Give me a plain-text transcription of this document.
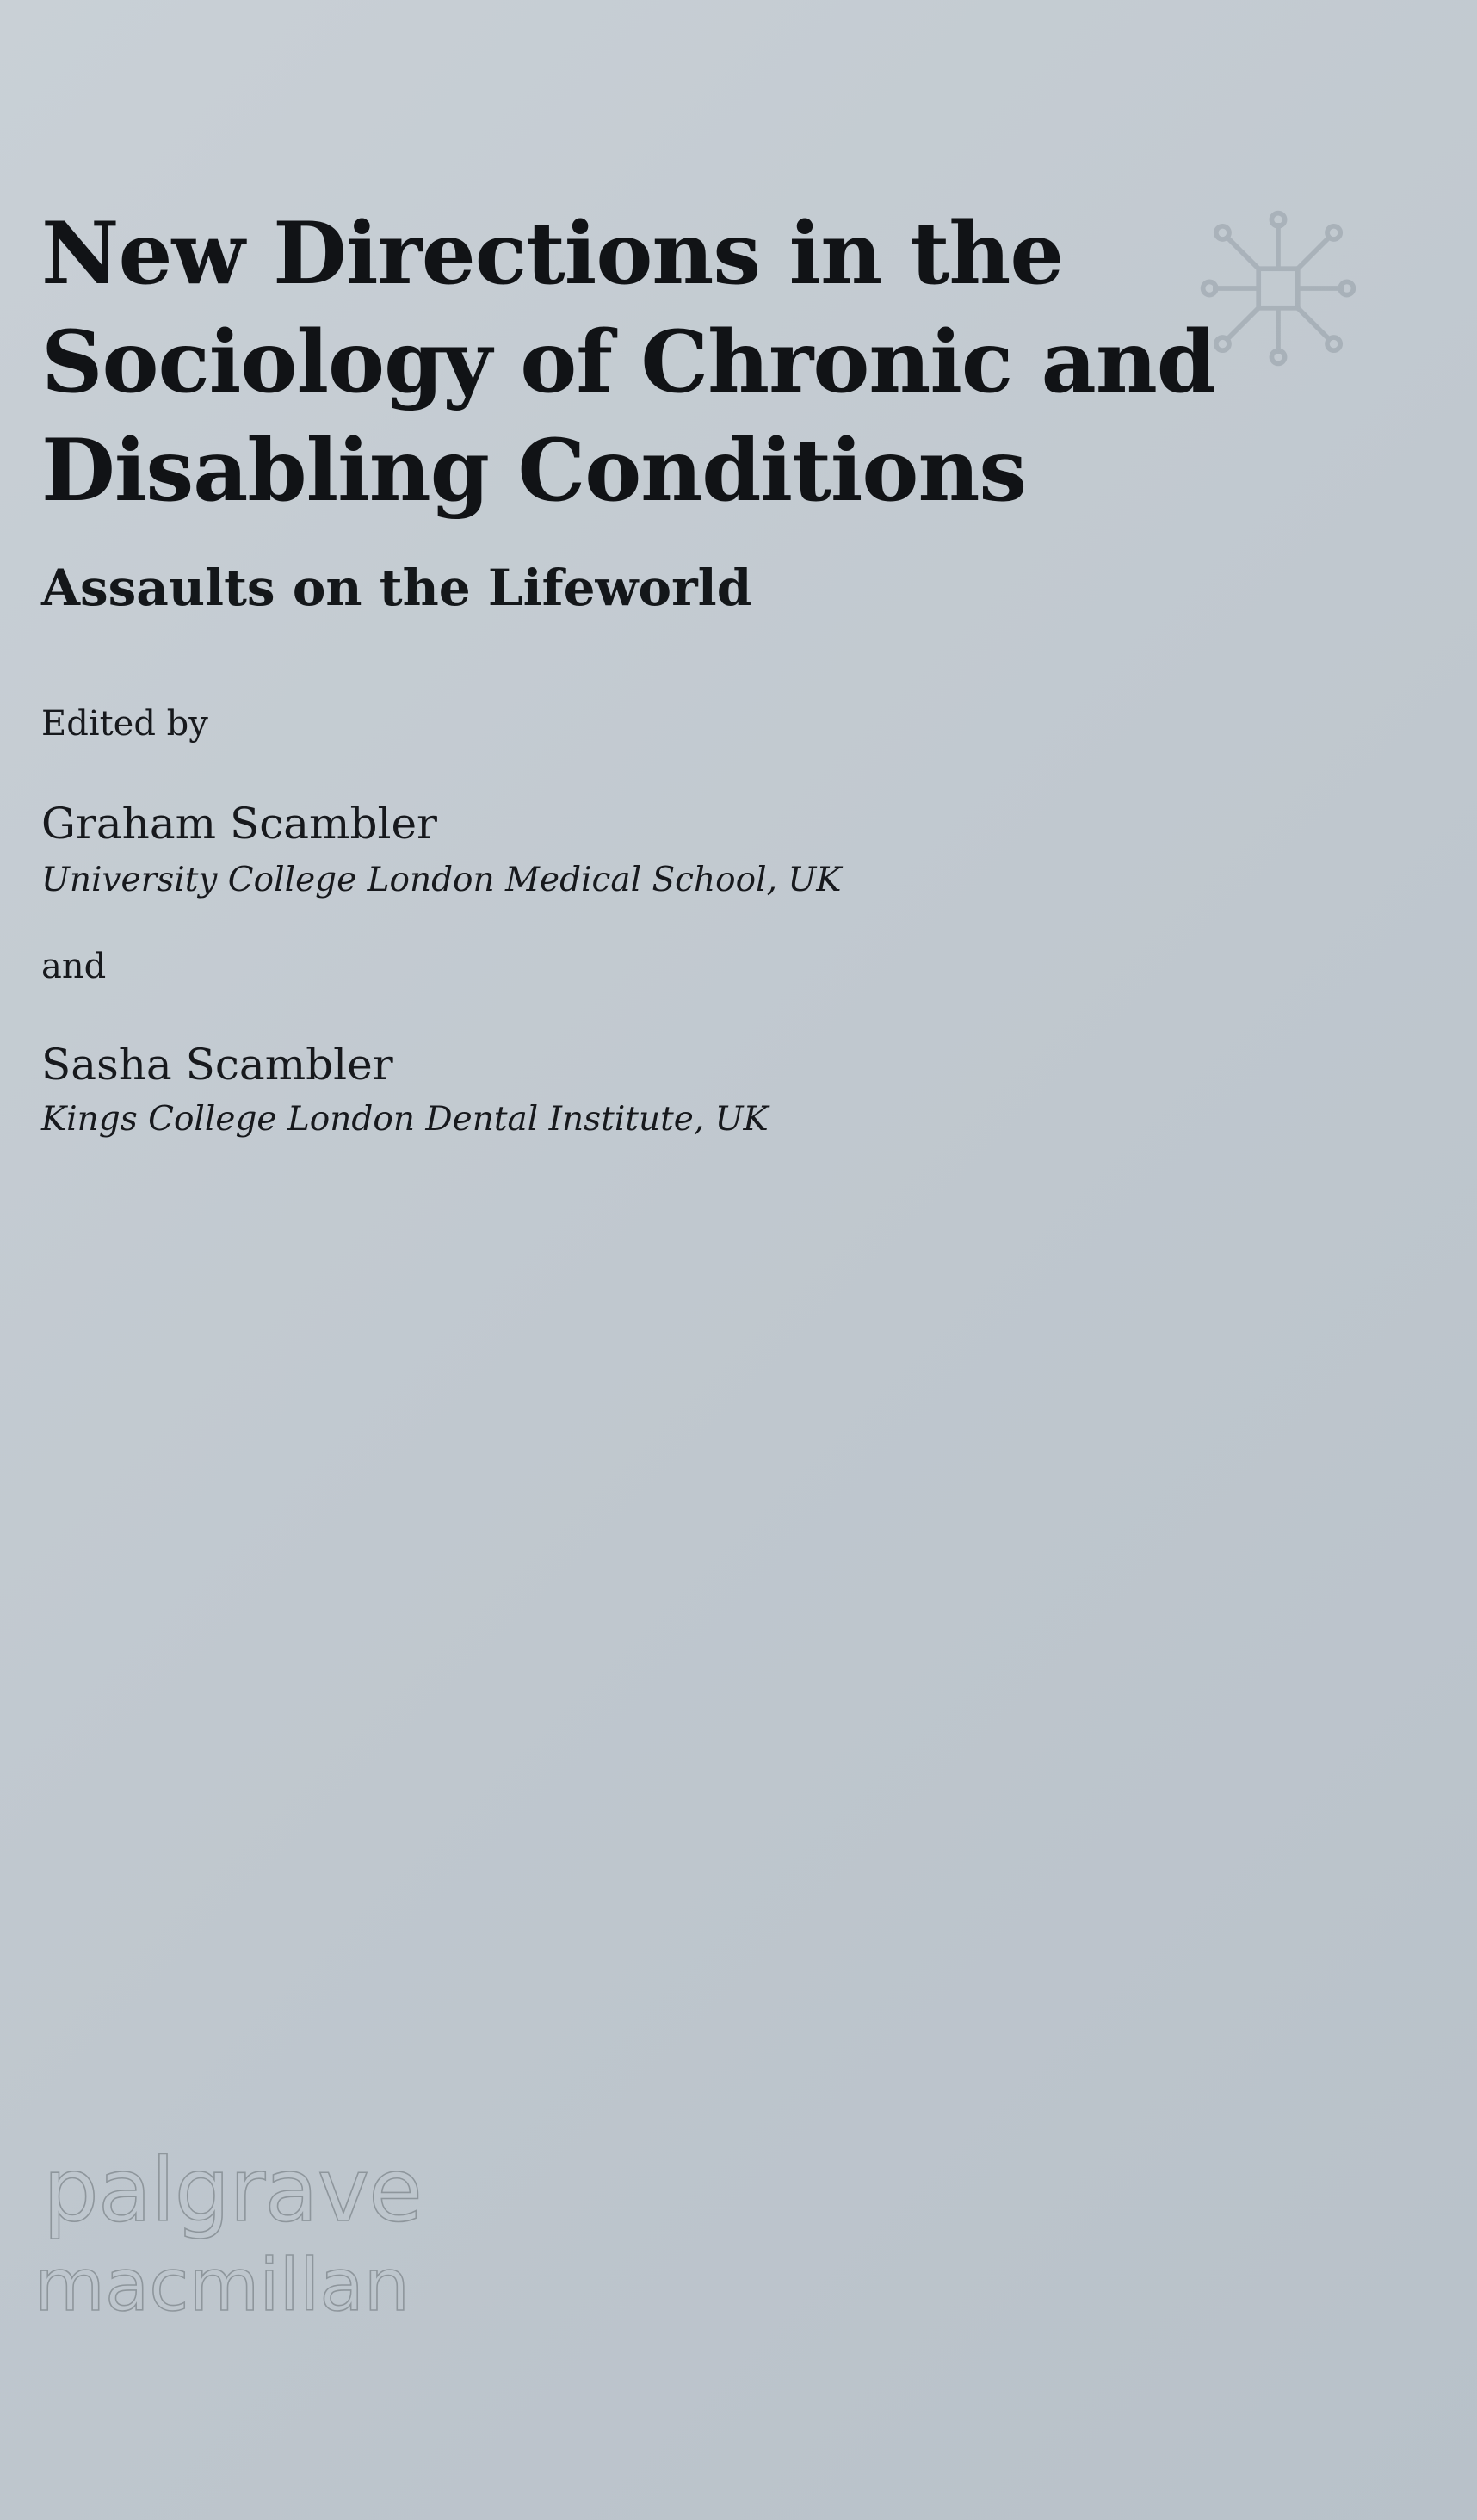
New Directions in the
Sociology of Chronic and
Disabling Conditions
Assaults on the Lifeworld

Edited by

Graham Scambler

University College London Medical School, UK

and

Sasha Scambler

Kings College London Dental Institute, UK

palgrave
macmillan
